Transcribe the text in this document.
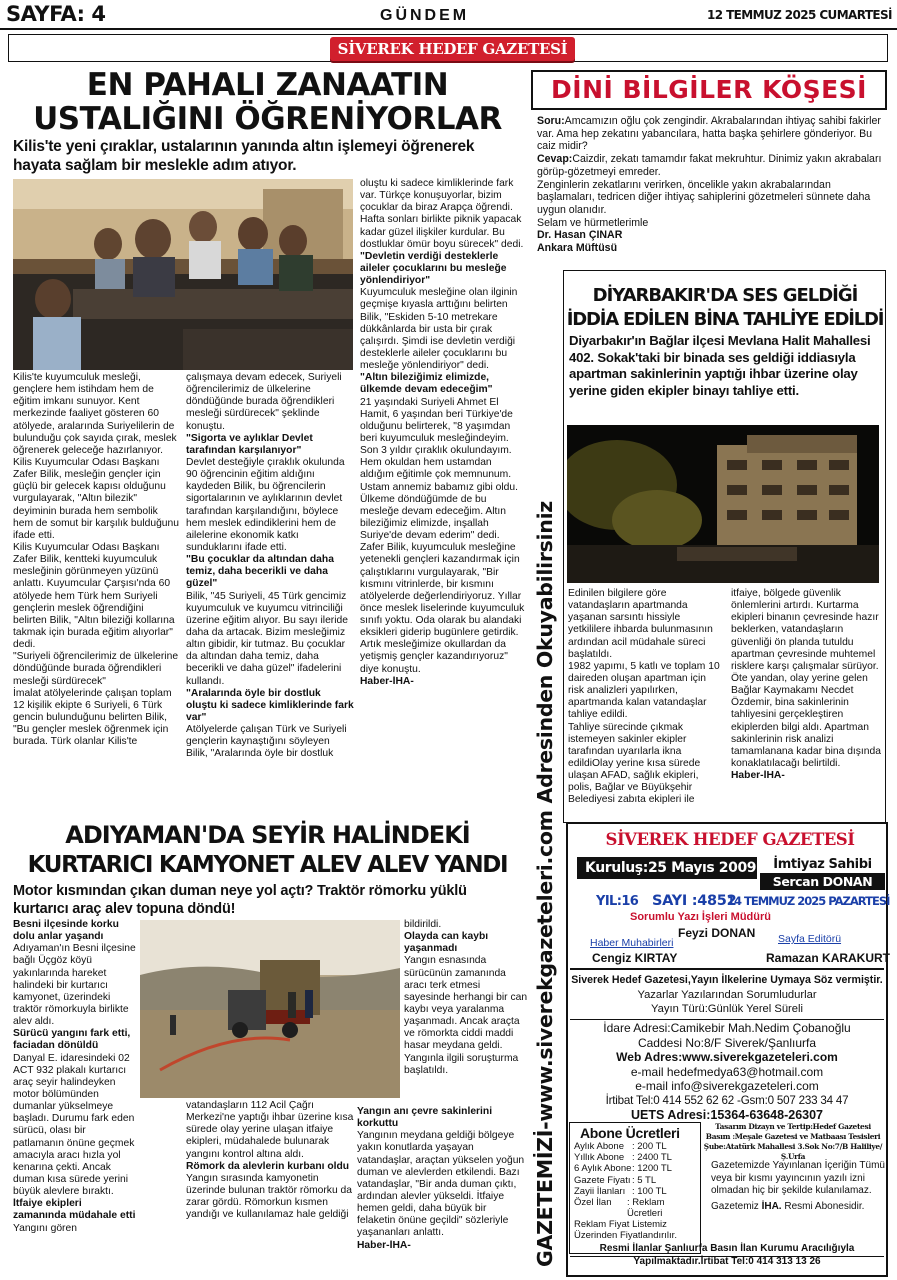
SAYFA: 4	GÜNDEM	12 TEMMUZ 2025 CUMARTESİ
SİVEREK HEDEF GAZETESİ
EN PAHALI ZANAATIN
USTALIĞINI ÖĞRENİYORLAR
Kilis'te yeni çıraklar, ustalarının yanında altın işlemeyi öğrenerek hayata sağlam bir meslekle adım atıyor.
Kilis'te kuyumculuk mesleği, gençlere hem istihdam hem de eğitim imkanı sunuyor. Kent merkezinde faaliyet gösteren 60 atölyede, aralarında Suriyelilerin de bulunduğu çok sayıda çırak, meslek öğrenerek geleceğe hazırlanıyor. Kilis Kuyumcular Odası Başkanı Zafer Bilik, mesleğin gençler için güçlü bir gelecek kapısı olduğunu vurgulayarak, "Altın bilezik" deyiminin burada hem sembolik hem de somut bir karşılık bulduğunu ifade etti.
Kilis Kuyumcular Odası Başkanı Zafer Bilik, kentteki kuyumculuk mesleğinin görünmeyen yüzünü anlattı. Kuyumcular Çarşısı'nda 60 atölyede hem Türk hem Suriyeli gençlerin meslek öğrendiğini belirten Bilik, "Altın bileziği kollarına takmak için burada eğitim alıyorlar" dedi.
"Suriyeli öğrencilerimiz de ülkelerine döndüğünde burada öğrendikleri mesleği sürdürecek"
İmalat atölyelerinde çalışan toplam 12 kişilik ekipte 6 Suriyeli, 6 Türk gencin bulunduğunu belirten Bilik, "Bu gençler meslek öğrenmek için burada. Türk olanlar Kilis'te
çalışmaya devam edecek, Suriyeli öğrencilerimiz de ülkelerine döndüğünde burada öğrendikleri mesleği sürdürecek" şeklinde konuştu.
"Sigorta ve aylıklar Devlet tarafından karşılanıyor"
Devlet desteğiyle çıraklık okulunda 90 öğrencinin eğitim aldığını kaydeden Bilik, bu öğrencilerin sigortalarının ve aylıklarının devlet tarafından karşılandığını, böylece hem meslek edindiklerini hem de ailelerine ekonomik katkı sunduklarını ifade etti.
"Bu çocuklar da altından daha temiz, daha becerikli ve daha güzel"
Bilik, "45 Suriyeli, 45 Türk gencimiz kuyumculuk ve kuyumcu vitrinciliği üzerine eğitim alıyor. Bu sayı ileride daha da artacak. Bizim mesleğimiz altın gibidir, kir tutmaz. Bu çocuklar da altından daha temiz, daha becerikli ve daha güzel" ifadelerini kullandı.
"Aralarında öyle bir dostluk oluştu ki sadece kimliklerinde fark var"
Atölyelerde çalışan Türk ve Suriyeli gençlerin kaynaştığını söyleyen Bilik, "Aralarında öyle bir dostluk
oluştu ki sadece kimliklerinde fark var. Türkçe konuşuyorlar, bizim çocuklar da biraz Arapça öğrendi. Hafta sonları birlikte piknik yapacak kadar güzel ilişkiler kurdular. Bu dostluklar ömür boyu sürecek" dedi.
"Devletin verdiği desteklerle aileler çocuklarını bu mesleğe yönlendiriyor"
Kuyumculuk mesleğine olan ilginin geçmişe kıyasla arttığını belirten Bilik, "Eskiden 5-10 metrekare dükkânlarda bir usta bir çırak çalışırdı. Şimdi ise devletin verdiği desteklerle aileler çocuklarını bu mesleğe yönlendiriyor" dedi.
"Altın bileziğimiz elimizde, ülkemde devam edeceğim"
21 yaşındaki Suriyeli Ahmet El Hamit, 6 yaşından beri Türkiye'de olduğunu belirterek, "8 yaşımdan beri kuyumculuk mesleğindeyim. Son 3 yıldır çıraklık okulundayım. Hem okuldan hem ustamdan aldığım eğitimle çok memnunum. Ustam annemiz babamız gibi oldu. Ülkeme döndüğümde de bu mesleğe devam edeceğim. Altın bileziğimiz elimizde, inşallah Suriye'de devam ederim" dedi.
Zafer Bilik, kuyumculuk mesleğine yetenekli gençleri kazandırmak için çalıştıklarını vurgulayarak, "Bir kısmını vitrinlerde, bir kısmını atölyelerde değerlendiriyoruz. Yıllar önce meslek liselerinde kuyumculuk sınıfı yoktu. Oda olarak bu alandaki eksikleri giderip bugünlere getirdik. Artık mesleğimize okullardan da yetişmiş gençler kazandırıyoruz" diye konuştu.
Haber-İHA-	GAZETEMİZİ-www.siverekgazeteleri.com Adresinden Okuyabilirsiniz
DİNİ BİLGİLER KÖŞESİ
Soru:Amcamızın oğlu çok zengindir. Akrabalarından ihtiyaç sahibi fakirler var. Ama hep zekatını yabancılara, hatta başka şehirlere gönderiyor. Bu caiz midir?
Cevap:Caizdir, zekatı tamamdır fakat mekruhtur. Dinimiz yakın akrabaları görüp-gözetmeyi emreder.
Zenginlerin zekatlarını verirken, öncelikle yakın akrabalarından başlamaları, tedricen diğer ihtiyaç sahiplerini gözetmeleri sünnete daha uygun olanıdır.
Selam ve hürmetlerimle
Dr. Hasan ÇINAR
Ankara Müftüsü
DİYARBAKIR'DA SES GELDİĞİ
İDDİA EDİLEN BİNA TAHLİYE EDİLDİ
Diyarbakır'ın Bağlar ilçesi Mevlana Halit Mahallesi 402. Sokak'taki bir binada ses geldiği iddiasıyla apartman sakinlerinin yaptığı ihbar üzerine olay yerine giden ekipler binayı tahliye etti.
Edinilen bilgilere göre vatandaşların apartmanda yaşanan sarsıntı hissiyle yetkililere ihbarda bulunmasının ardından acil müdahale süreci başlatıldı.
1982 yapımı, 5 katlı ve toplam 10 daireden oluşan apartman için risk analizleri yapılırken, apartmanda kalan vatandaşlar tahliye edildi.
Tahliye sürecinde çıkmak istemeyen sakinler ekipler tarafından uyarılarla ikna edildiOlay yerine kısa sürede ulaşan AFAD, sağlık ekipleri, polis, Bağlar ve Büyükşehir Belediyesi zabıta ekipleri ile
itfaiye, bölgede güvenlik önlemlerini artırdı. Kurtarma ekipleri binanın çevresinde hazır beklerken, vatandaşların güvenliği ön planda tutuldu apartman çevresinde muhtemel risklere karşı çalışmalar sürüyor.
Öte yandan, olay yerine gelen Bağlar Kaymakamı Necdet Özdemir, bina sakinlerinin tahliyesini gerçekleştiren ekiplerden bilgi aldı. Apartman sakinlerinin risk analizi tamamlanana kadar bina dışında konaklatılacağı belirtildi.
Haber-İHA-
ADIYAMAN'DA SEYİR HALİNDEKİ
KURTARICI KAMYONET ALEV ALEV YANDI
Motor kısmından çıkan duman neye yol açtı? Traktör römorku yüklü kurtarıcı araç alev topuna döndü!
Besni ilçesinde korku dolu anlar yaşandı
Adıyaman'ın Besni ilçesine bağlı Üçgöz köyü yakınlarında hareket halindeki bir kurtarıcı kamyonet, üzerindeki traktör römorkuyla birlikte alev aldı.
Sürücü yangını fark etti, faciadan dönüldü
Danyal E. idaresindeki 02 ACT 932 plakalı kurtarıcı araç seyir halindeyken motor bölümünden dumanlar yükselmeye başladı. Durumu fark eden sürücü, olası bir patlamanın önüne geçmek amacıyla aracı hızla yol kenarına çekti. Ancak duman kısa sürede yerini büyük alevlere bıraktı.
İtfaiye ekipleri zamanında müdahale etti
Yangını gören
vatandaşların 112 Acil Çağrı Merkezi'ne yaptığı ihbar üzerine kısa sürede olay yerine ulaşan itfaiye ekipleri, müdahalede bulunarak yangını kontrol altına aldı.
Römork da alevlerin kurbanı oldu
Yangın sırasında kamyonetin üzerinde bulunan traktör römorku da zarar gördü. Römorkun kısmen yandığı ve kullanılamaz hale geldiği
bildirildi.
Olayda can kaybı yaşanmadı
Yangın esnasında sürücünün zamanında aracı terk etmesi sayesinde herhangi bir can kaybı veya yaralanma yaşanmadı. Ancak araçta ve römorkta ciddi maddi hasar meydana geldi. Yangınla ilgili soruşturma başlatıldı.
Yangın anı çevre sakinlerini korkuttu
Yangının meydana geldiği bölgeye yakın konutlarda yaşayan vatandaşlar, araçtan yükselen yoğun duman ve alevlerden etkilendi. Bazı vatandaşlar, "Bir anda duman çıktı, ardından alevler yükseldi. İtfaiye hemen geldi, daha büyük bir felaketin önüne geçildi" sözleriyle yaşananları anlattı.
Haber-İHA-
SİVEREK HEDEF GAZETESİ
Kuruluş:25 Mayıs 2009	İmtiyaz Sahibi
Sercan DONAN
YIL:16 SAYI :4852
14 TEMMUZ 2025 PAZARTESİ
Sorumlu Yazı İşleri Müdürü
Feyzi DONAN
Haber Muhabirleri
Cengiz KIRTAY
Sayfa Editörü
Ramazan KARAKURT
Siverek Hedef Gazetesi,Yayın İlkelerine Uymaya Söz vermiştir.
Yazarlar Yazılarından Sorumludurlar
Yayın Türü:Günlük Yerel Süreli
İdare Adresi:Camikebir Mah.Nedim Çobanoğlu
Caddesi No:8/F Siverek/Şanlıurfa
Web Adres:www.siverekgazeteleri.com
e-mail hedefmedya63@hotmail.com
e-mail info@siverekgazeteleri.com
İrtibat Tel:0 414 552 62 62 -Gsm:0 507 233 34 47
UETS Adresi:15364-63648-26307
Abone Ücretleri
Aylık Abone : 200 TL
Yıllık Abone : 2400 TL
6 Aylık Abone : 1200 TL
Gazete Fiyatı : 5 TL
Zayii İlanları : 100 TL
Özel İlan	: Reklam Ücretleri
Reklam Fiyat Listemiz Üzerinden Fiyatlandırılır.
Tasarım Dizayn ve Tertip:Hedef Gazetesi
Basım :Meşale Gazetesi ve Matbaası Tesisleri
Şube:Atatürk Mahallesi 3.Sok No:7/B Haliliye/Ş.Urfa
Gazetemizde Yayınlanan İçeriğin Tümü veya bir kısmı yayıncının yazılı izni olmadan hiç bir şekilde kulanılamaz.
Gazetemiz İHA. Resmi Abonesidir.
Resmi İlanlar Şanlıurfa Basın İlan Kurumu Aracılığıyla
Yapılmaktadır.İrtibat Tel:0 414 313 13 26
